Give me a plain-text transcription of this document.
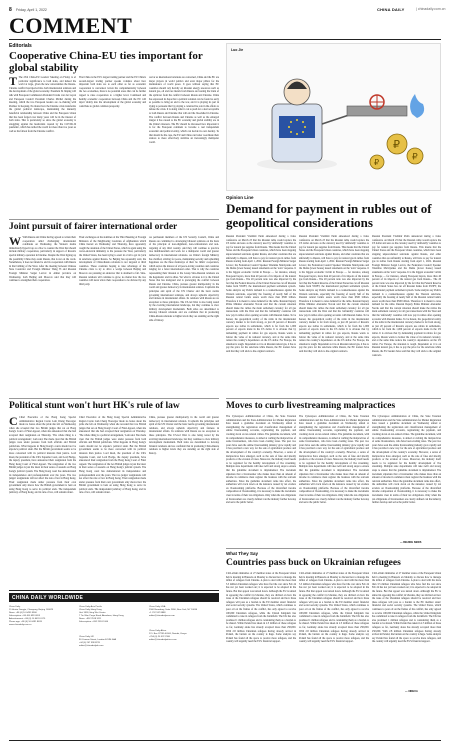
8 Friday, April 1, 2022	CHINA DAILY	| chinadaily.com.cn
COMMENT
Editorials
Cooperative China-EU ties important for global stability
T The 23rd China-EU Leaders' Meeting on Friday is of particular significance to both sides, and indeed the world at large, given the new uncertainties the Russia-Ukraine conflict has injected into both international relations and the development of the global economy. President Xi Jinping will talk with European Commission President Ursula von der Leyen and European Council President Charles Michel during the meeting, which the two European leaders are co-chairing with Premier Li Keqiang. No matter how the Ukraine crisis transforms the global political landscape, maintaining the mutually beneficial relationship between China and the European Union that has been forged over many years will be in the interest of both sides. That is particularly so since the global economy is struggling against the headwinds created by the COVID-19 pandemic, which has rattled the world for more than two years as well as the fallout from the Ukraine conflict.
That China is the EU's largest trading partner and the EU China's second-largest trading partner speaks volumes about how important both sides are to each other as far as economic cooperation is concerned. Given the complementarity between the two economies, there is no potential areas that can be further tapped to raise cooperation to a higher level. Continued and healthy economic cooperation between China and the EU will inject vitality into the development of the global economy and contribute to global common prosperity.
As far as international relations are concerned, China and the EU are major players in world politics and even major pillars for the maintenance of world peace. It goes without saying that EU countries should rely heavily on Russian energy resources such as natural gas, oil and rare metals from Russia are bearing the brunt of the spillover from the conflict between Russia and Ukraine. China has expressed its hope that a political solution can be found as early as possible to bring an end to the war, and it is playing its part in trying to persuade that by playing a constructive role in the efforts to defuse the crisis. It is doing what it can to push for a deal acceptable to both Russia and Ukraine that will end the bloodshed in Ukraine. The conflict between Russia and Ukraine as well as the enlarged danger it has caused to the EU economy and global stability are in the China's interests. The EU should be discussed how important it is for the European continent to become a real independent economic and political entity, which can decide its own destiny. To that should be the case, the EU and China can better coordinate their stances to more effectively stabilize an increasingly multipolar world.
Joint pursuit of fairer international order
W With Russia and China having agreed to widen their cooperation amid challenging international conditions on Wednesday, the Western media immediately hyped it up as a bloc to counter the West that should include military cooperation, particularly in support of Russia's special military operation in Ukraine. Despite the West hyping up the possibility China may assist Russia, that is not on the cards. Nonetheless, it does not intend to end its cooperation with Russia in that bidding of the West. After the meeting between Chinese State Councilor and Foreign Minister Wang Yi and Russian Foreign Minister Sergei Lavrov in Anhui province on Wednesday, both Beijing and Moscow said that they will continue to strengthen their cooperation.
Their exchanges on the sidelines of the Third Meeting of Foreign Ministers of the Neighboring Countries of Afghanistan which China hosted on Wednesday and Thursday, have apparently caught the attention of the United States, which is again using the carrot-and-stick immunity to the pressure the West, particularly the United States, has been trying to exert in a bid to get its 'pick in sanctions against Russia. So Beijing has repeatedly said, the development of China-Russia relations is not targeted at third countries. Those countries hoping to take advantage of the Ukraine crisis to try to drive a wedge between Beijing and Moscow are pursuing an endeavor that is destined to fail. Sino-Russian relations will continue to grow, no matter how the two countries will never allow their cooperation to be dictated by any third party.
As permanent members of the UN Security Council, China and Russia are committed to developing bilateral relations on the basis of the principle of non-alignment, non-confrontation and non-targeting of any third country. And they will continue to practice true multilateralism and work for a multipolar world and greater democracy in international relations. As China's foreign Ministry has clarified, striving for peace, maintaining security and upholding happiness are the three mainstays of their 'no limits' cooperation, which serves the interest of all peace-loving countries and countries longing for a fairer international order. That is why the countries representing their mission at the Group Sino-Russian relations are the hegemonic and its allies. Yet what is obvious is it is the United States that has instigated and is prolonging the conflict between Russia and Ukraine. China, pursues greater multipolarity in the world and greater democracy in international relation. It upholds the principles and spirit of the UN Charter and the basic norms governing international relations, and always upholds objectivity and fairness in international affairs. Its relations with Russia are no exception to these principles. The US-led West is also being tested by the evolving international landscape, but they continue to view military development momentum. Both sides are determined to develop bilateral relations and are confident that in promoting China-Russia relations to higher levels they are standing on the right side of history.
Political stunt won't hurt HK's rule of law
C Chief Executive of the Hong Kong Special Administrative Region Carrie Lam Cheng Yuet-ngor made no bones about the pride she felt on Wednesday when she revealed that two British judges that sat on Hong Kong's Court of Final Appeal, when she announced that she had accepted their resignation on Thursday. 'The whole thing is a political arrangement,' Lam said. She made clear that the British judges were under pressure from both officials and British politicians. What happens in Hong Kong's courts should not be anyone's political stunt. But the British government seems to be more concerned with its political interests than justice. Lord Reed, the president of the UK's Supreme Court, and Lord Hodge, the deputy president, have announced their resignation from the Hong Kong Court of Final Appeal. The resignation of the two British judges is just the latest in their series of assaults on Hong Kong's judicial system. The Hong Kong court has demonstrated its independence and professionalism over the years. The two judges' resignations will not affect the rule of law in Hong Kong. Their resignation made under pressure from their own government only shows how the British government is bent on using Hong Kong to serve its political ends. The independent judiciary of Hong Kong, and its rule of law, will remain robust.
Chief Executive of the Hong Kong Special Administrative Region Carrie Lam Cheng Yuet-ngor made no bones about the pride she felt on Wednesday when she revealed that two British judges that sat on Hong Kong's Court of Final Appeal, when she announced that she had accepted their resignation on Thursday. 'The whole thing is a political arrangement,' Lam said. She made clear that the British judges were under pressure from both officials and British politicians. What happens in Hong Kong's courts should not be anyone's political stunt. But the British government seems to be more concerned with its political interests than justice. Lord Reed, the president of the UK's Supreme Court, and Lord Hodge, the deputy president, have announced their resignation from the Hong Kong Court of Final Appeal. The resignation of the two British judges is just the latest in their series of assaults on Hong Kong's judicial system. The Hong Kong court has demonstrated its independence and professionalism over the years. The two judges' resignations will not affect the rule of law in Hong Kong. Their resignation made under pressure from their own government only shows how the British government is bent on using Hong Kong to serve its political ends. The independent judiciary of Hong Kong, and its rule of law, will remain robust.
China, pursues greater multipolarity in the world and greater democracy in international relation. It upholds the principles and spirit of the UN Charter and the basic norms governing international relations, and always upholds objectivity and fairness in international affairs. Its relations with Russia are no exception to these principles. The US-led West is also being tested by the evolving international landscape, but they continue to view military development momentum. Both sides are determined to develop bilateral relations and are confident that in promoting China-Russia relations to higher levels they are standing on the right side of history.
Luo Jie
₽
₽
₽
Opinion Line
Demand for payment in rubles out of geopolitical considerations
Russian President Vladimir Putin announced during a video conference on March 23 that the Russian ruble would replace the US dollar and euro as the currency used by 'unfriendly' countries to pay for natural gas supplies from Russia. This means that the United States and the European Union countries, which have been slapping unprecedented sanctions against Russia, and other countries that are unfriendly to Russia, will have to pay for natural gas in rubles from Russia starting from April 1, 2022. Russian Foreign Minister Sergei Lavrov, the Federation Council Speaker Valentina Matviyenko and the Duma (lower house) issued statements on the 'toxic' response. It is the biggest economic victim in Europe — for instance, among European buyers, more than 40 percent of its imports of the natural gas from Russia... The 20 percent ratio was also impacted by the fact that the Federal Reserve of the United States has cut off Russian banks from SWIFT, the international payment settlement system. Some analysts say Putin's demand is a countermeasure against the Western sanctions, especially the freezing of nearly half of the Russian central bank's assets worth more than $300 billion. Therefore it is meant to raise demand for the ruble. Russian Deputy Prime Minister Alexander Novak said that the current situation should make the rubles the main settlement currency for all gas transactions with the West and that the 'unfriendly' countries will now pay in rubles after opening accounts with Russian banks. To be honest, the geopolitical reality of the ruble in the international currency market is far from strong, as just 20 percent of Russia's exports use rubles in settlements, which is far from the 1,000 percent of exports made in the US dollar. It is obvious that by demanding payment in rubles for gas exports, Russia wants to bolster the value of its national currency, and at the same time reduce the country's dependence on the US dollar. For Europe, the situation is tough. Dependent as it is on Russian natural gas, it has to pay the price for the sanctions while Russia, the EU leaders have said that they will stick to the original contracts.
Russian President Vladimir Putin announced during a video conference on March 23 that the Russian ruble would replace the US dollar and euro as the currency used by 'unfriendly' countries to pay for natural gas supplies from Russia. This means that the United States and the European Union countries, which have been slapping unprecedented sanctions against Russia, and other countries that are unfriendly to Russia, will have to pay for natural gas in rubles from Russia starting from April 1, 2022. Russian Foreign Minister Sergei Lavrov, the Federation Council Speaker Valentina Matviyenko and the Duma (lower house) issued statements on the 'toxic' response. It is the biggest economic victim in Europe — for instance, among European buyers, more than 40 percent of its imports of the natural gas from Russia... The 20 percent ratio was also impacted by the fact that the Federal Reserve of the United States has cut off Russian banks from SWIFT, the international payment settlement system. Some analysts say Putin's demand is a countermeasure against the Western sanctions, especially the freezing of nearly half of the Russian central bank's assets worth more than $300 billion. Therefore it is meant to raise demand for the ruble. Russian Deputy Prime Minister Alexander Novak said that the current situation should make the rubles the main settlement currency for all gas transactions with the West and that the 'unfriendly' countries will now pay in rubles after opening accounts with Russian banks. To be honest, the geopolitical reality of the ruble in the international currency market is far from strong, as just 20 percent of Russia's exports use rubles in settlements, which is far from the 1,000 percent of exports made in the US dollar. It is obvious that by demanding payment in rubles for gas exports, Russia wants to bolster the value of its national currency, and at the same time reduce the country's dependence on the US dollar. For Europe, the situation is tough. Dependent as it is on Russian natural gas, it has to pay the price for the sanctions while Russia, the EU leaders have said that they will stick to the original contracts.
Russian President Vladimir Putin announced during a video conference on March 23 that the Russian ruble would replace the US dollar and euro as the currency used by 'unfriendly' countries to pay for natural gas supplies from Russia. This means that the United States and the European Union countries, which have been slapping unprecedented sanctions against Russia, and other countries that are unfriendly to Russia, will have to pay for natural gas in rubles from Russia starting from April 1, 2022. Russian Foreign Minister Sergei Lavrov, the Federation Council Speaker Valentina Matviyenko and the Duma (lower house) issued statements on the 'toxic' response. It is the biggest economic victim in Europe — for instance, among European buyers, more than 40 percent of its imports of the natural gas from Russia... The 20 percent ratio was also impacted by the fact that the Federal Reserve of the United States has cut off Russian banks from SWIFT, the international payment settlement system. Some analysts say Putin's demand is a countermeasure against the Western sanctions, especially the freezing of nearly half of the Russian central bank's assets worth more than $300 billion. Therefore it is meant to raise demand for the ruble. Russian Deputy Prime Minister Alexander Novak said that the current situation should make the rubles the main settlement currency for all gas transactions with the West and that the 'unfriendly' countries will now pay in rubles after opening accounts with Russian banks. To be honest, the geopolitical reality of the ruble in the international currency market is far from strong, as just 20 percent of Russia's exports use rubles in settlements, which is far from the 1,000 percent of exports made in the US dollar. It is obvious that by demanding payment in rubles for gas exports, Russia wants to bolster the value of its national currency, and at the same time reduce the country's dependence on the US dollar. For Europe, the situation is tough. Dependent as it is on Russian natural gas, it has to pay the price for the sanctions while Russia, the EU leaders have said that they will stick to the original contracts.
Moves to curb livestreaming malpractices
The Cyberspace Administration of China, the State Taxation Administration and the State Administration for Market Regulation have issued a guideline document on Wednesday aimed at strengthening the registration and classification management of online livestreaming accounts, regularizing the payment, and cracking down on tax-related crimes. The guideline document, with its comprehensive measures, is aimed at curbing the malpractices of some livestreamers, who have been evading taxes. The past two years have seen the online livestreaming industry grow rapidly and it has provided a new way for the sale of agricultural produce and the development of the country's economy. However, a series of malpractices have emerged, such as the sale of fake and shoddy products or the evasion of taxes. Moreover, the industry itself needs to be regulated for the healthy development of live streaming. Multiple state departments will take swift and strong steps to ensure that the guideline document is implemented. The document stipulates that a livestreamer who makes more than an amount of income in commerce must register the business with the relevant authorities. Since the guideline document came into effect, the authorities will crack down on the nuisance caused by tax evaders on livestreaming platforms. Because of the diversified income composition of livestreaming, it is necessary to make the documents clear in terms of their tax obligations. Only when the tax obligations of livestreamers are clearly defined can the industry further develop and serve the public better.
The Cyberspace Administration of China, the State Taxation Administration and the State Administration for Market Regulation have issued a guideline document on Wednesday aimed at strengthening the registration and classification management of online livestreaming accounts, regularizing the payment, and cracking down on tax-related crimes. The guideline document, with its comprehensive measures, is aimed at curbing the malpractices of some livestreamers, who have been evading taxes. The past two years have seen the online livestreaming industry grow rapidly and it has provided a new way for the sale of agricultural produce and the development of the country's economy. However, a series of malpractices have emerged, such as the sale of fake and shoddy products or the evasion of taxes. Moreover, the industry itself needs to be regulated for the healthy development of live streaming. Multiple state departments will take swift and strong steps to ensure that the guideline document is implemented. The document stipulates that a livestreamer who makes more than an amount of income in commerce must register the business with the relevant authorities. Since the guideline document came into effect, the authorities will crack down on the nuisance caused by tax evaders on livestreaming platforms. Because of the diversified income composition of livestreaming, it is necessary to make the documents clear in terms of their tax obligations. Only when the tax obligations of livestreamers are clearly defined can the industry further develop and serve the public better.
The Cyberspace Administration of China, the State Taxation Administration and the State Administration for Market Regulation have issued a guideline document on Wednesday aimed at strengthening the registration and classification management of online livestreaming accounts, regularizing the payment, and cracking down on tax-related crimes. The guideline document, with its comprehensive measures, is aimed at curbing the malpractices of some livestreamers, who have been evading taxes. The past two years have seen the online livestreaming industry grow rapidly and it has provided a new way for the sale of agricultural produce and the development of the country's economy. However, a series of malpractices have emerged, such as the sale of fake and shoddy products or the evasion of taxes. Moreover, the industry itself needs to be regulated for the healthy development of live streaming. Multiple state departments will take swift and strong steps to ensure that the guideline document is implemented. The document stipulates that a livestreamer who makes more than an amount of income in commerce must register the business with the relevant authorities. Since the guideline document came into effect, the authorities will crack down on the nuisance caused by tax evaders on livestreaming platforms. Because of the diversified income composition of livestreaming, it is necessary to make the documents clear in terms of their tax obligations. Only when the tax obligations of livestreamers are clearly defined can the industry further develop and serve the public better.
— BEIJING NEWS
What They Say
Countries pass buck on Ukrainian refugees
Civil-affairs ministries of 27 member states of the European Union held a meeting in Brussels on Monday to discuss how to manage the influx of refugees from Ukraine. A plan to deal with the more than 3.5 million Ukrainian refugees who have fled the war since Feb 24 has not yet been worked out; it is expected to be adopted in the future. But that appeal was turned down. Although the EU is united in opposing the conflict in Ukraine, they are divided on how the issue of the Ukrainian refugees should be resolved and how these refugees will pass as a burden to the EU member states' financial and social security systems. The United States, which continues to pour oil on the flames of the conflict, has only agreed to receive 100,000 Ukrainian refugees, while the United Kingdom has committed to take in refugees from the battlefield. The UK has also promised 1 million refugees and is considering them as a burden to be shared. While Poland has taken in 2.3 million of these refugees so far, Germany alone has already accepted more than 250,000. With 2.8 million Ukrainian refugees having already arrived in Poland, the burden on the country is huge. Some analysts say Poland has found all the space to receive more refugees, and the country will urgently need the EU's financial support.
Civil-affairs ministries of 27 member states of the European Union held a meeting in Brussels on Monday to discuss how to manage the influx of refugees from Ukraine. A plan to deal with the more than 3.5 million Ukrainian refugees who have fled the war since Feb 24 has not yet been worked out; it is expected to be adopted in the future. But that appeal was turned down. Although the EU is united in opposing the conflict in Ukraine, they are divided on how the issue of the Ukrainian refugees should be resolved and how these refugees will pass as a burden to the EU member states' financial and social security systems. The United States, which continues to pour oil on the flames of the conflict, has only agreed to receive 100,000 Ukrainian refugees, while the United Kingdom has committed to take in refugees from the battlefield. The UK has also promised 1 million refugees and is considering them as a burden to be shared. While Poland has taken in 2.3 million of these refugees so far, Germany alone has already accepted more than 250,000. With 2.8 million Ukrainian refugees having already arrived in Poland, the burden on the country is huge. Some analysts say Poland has found all the space to receive more refugees, and the country will urgently need the EU's financial support.
Civil-affairs ministries of 27 member states of the European Union held a meeting in Brussels on Monday to discuss how to manage the influx of refugees from Ukraine. A plan to deal with the more than 3.5 million Ukrainian refugees who have fled the war since Feb 24 has not yet been worked out; it is expected to be adopted in the future. But that appeal was turned down. Although the EU is united in opposing the conflict in Ukraine, they are divided on how the issue of the Ukrainian refugees should be resolved and how these refugees will pass as a burden to the EU member states' financial and social security systems. The United States, which continues to pour oil on the flames of the conflict, has only agreed to receive 100,000 Ukrainian refugees, while the United Kingdom has committed to take in refugees from the battlefield. The UK has also promised 1 million refugees and is considering them as a burden to be shared. While Poland has taken in 2.3 million of these refugees so far, Germany alone has already accepted more than 250,000. With 2.8 million Ukrainian refugees having already arrived in Poland, the burden on the country is huge. Some analysts say Poland has found all the space to receive more refugees, and the country will urgently need the EU's financial support.
— XINHUA
CHINA DAILY WORLDWIDE
China Daily
15 Huixin Dongjie, Chaoyang, Beijing 100029
News: +86 (0) 10 6491 8366
Subscription: +86 400 699 0203
Advertisement: +86 (0) 10 6491 0175
Phone app: +86 (0) 10 6491 8633
www.chinadaily.com.cn
China Daily Asia Pacific
China Daily Hong Kong
Unit 1818, Hing Wai Centre
7 Tin Wan Praya Road, Aberdeen, Hong Kong
News: +852 2518 5111
Subscription: +852 2518 5100
China Daily USA
1500 Broadway, Suite 2800, New York, NY 10036
+1 212 537 8888
editor@chinadailyusa.com
China Daily UK
90 Cannon Street, London EC4N 6HA
+44 (0) 207 398 8270
editor@chinadailyuk.com
China Daily Africa
P.O. Box 27281-00100, Nairobi, Kenya
+254 (0) 20 522 2180
editor@chinadailyafrica.com
